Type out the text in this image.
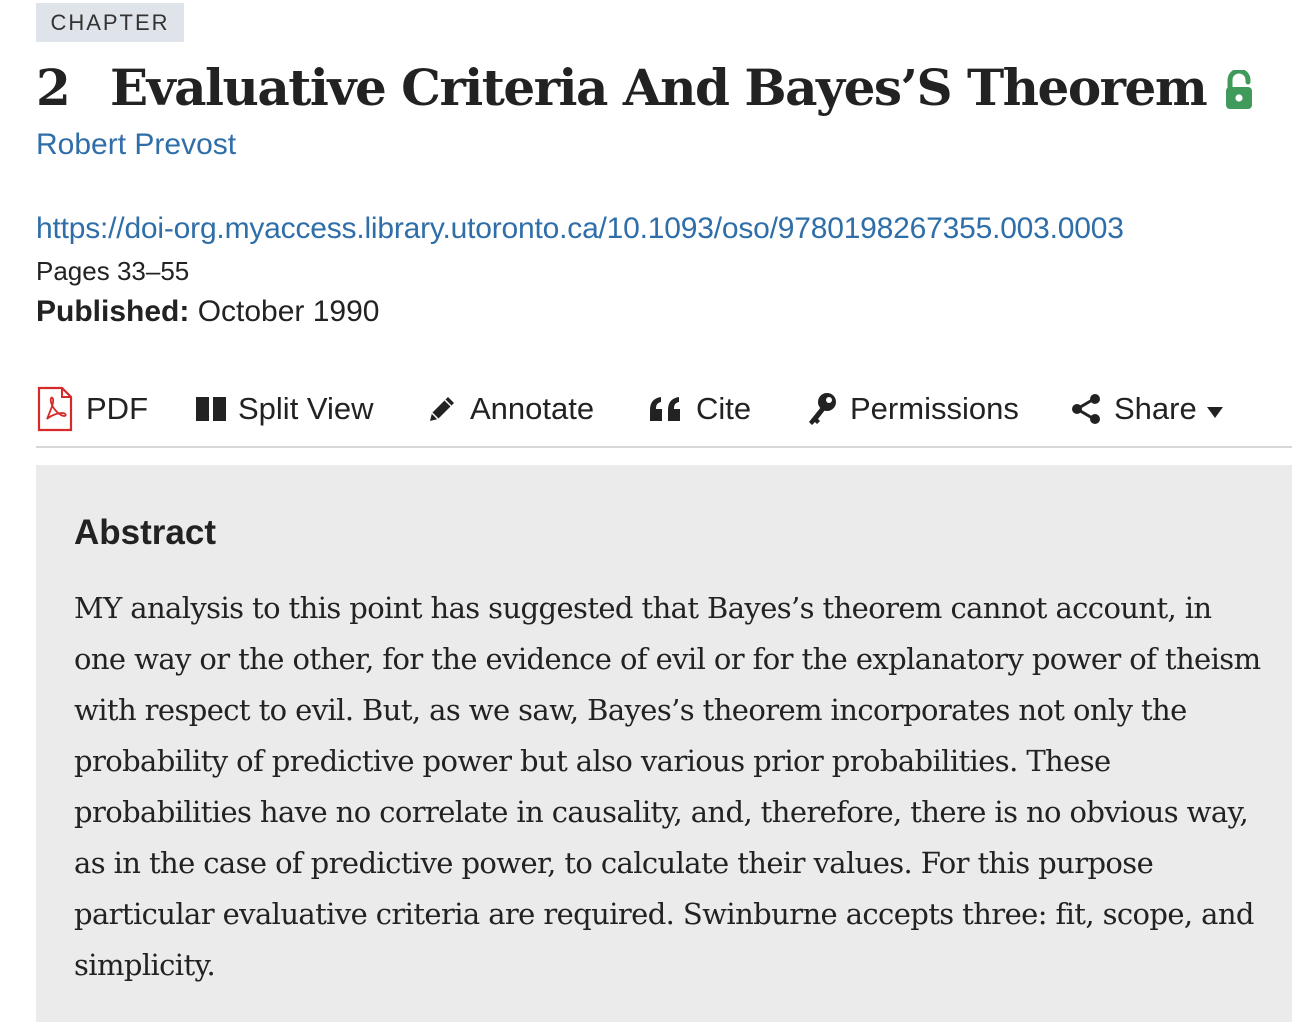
CHAPTER
2 Evaluative Criteria And Bayes’S Theorem
Robert Prevost
https://doi-org.myaccess.library.utoronto.ca/10.1093/oso/9780198267355.003.0003
Pages 33–55
Published: October 1990
PDF	Split View	Annotate	Cite	Permissions	Share
Abstract

MY analysis to this point has suggested that Bayes’s theorem cannot account, in one way or the other, for the evidence of evil or for the explanatory power of theism with respect to evil. But, as we saw, Bayes’s theorem incorporates not only the probability of predictive power but also various prior probabilities. These probabilities have no correlate in causality, and, therefore, there is no obvious way, as in the case of predictive power, to calculate their values. For this purpose particular evaluative criteria are required. Swinburne accepts three: fit, scope, and simplicity.
